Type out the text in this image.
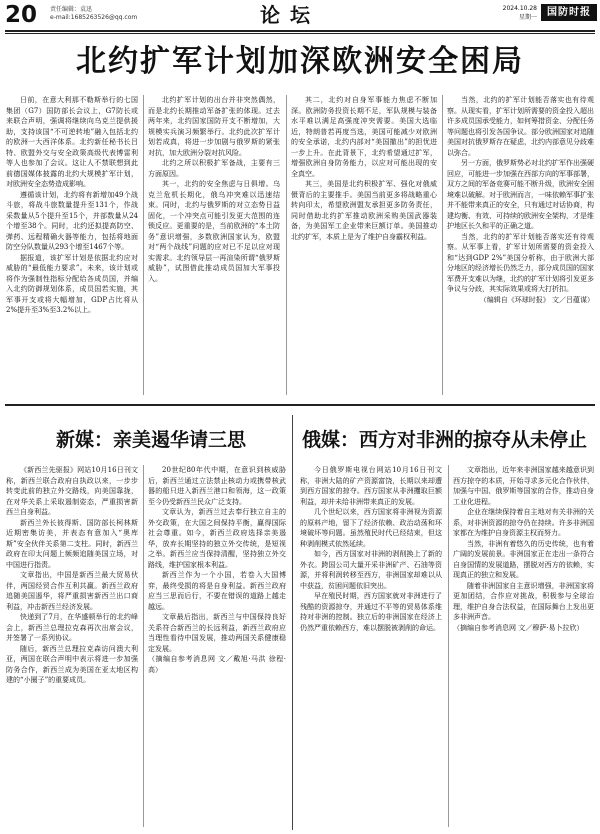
20 责任编辑：袁迅
e-mail:1685263526@qq.com	论坛	2024.10.28
星期一	国防时报
北约扩军计划加深欧洲安全困局

日前，在意大利那不勒斯举行的七国集团（G7）国防部长会议上，G7防长或来联合声明，强调将继续向乌克兰提供援助，支持该国“不可逆转地”融入包括北约的欧洲一大西洋体系。北约新任秘书长吕特、欧盟外交与安全政策高级代表博雷利等人也参加了会议。这让人不禁联想到此前德国媒体披露的北约大规模扩军计划，对欧洲安全态势造成影响。

遵循该计划，北约将有新增加49个战斗旅，将战斗旅数量提升至131个，作战采数量从5个提升至15个，并部数量从24个增至38个。同时，北约还拟提高防空、弹药、远程精确火器等能力，包括将地面防空分队数量从293个增至1467个等。

据报道，该扩军计划是依据北约应对威胁的“最低能力要求”。未来，该计划或将作为强制性指标分配给各成员国，并编入北约防御规划体系，成员国若实施，其军事开支或将大幅增加，GDP占比将从2%提升至3%至3.2%以上。

北约扩军计划的出台并非突然偶然，而是北约长期推动军备扩张的体现。过去两年来，北约国家国防开支不断增加，大规模实兵演习频繁举行。北约此次扩军计划若成真，将进一步加剧与俄罗斯的紧张对抗，加大欧洲分裂对抗风险。

北约之所以积极扩军备战，主要有三方面原因。

其一，北约的安全焦虑与日俱增。乌克兰危机长期化，俄乌冲突难以迅速结束。同时，北约与俄罗斯的对立态势日益固化，一个冲突点可能引发更大范围的连锁反应。更重要的是，当前欧洲的“本土防务”意识增强，多数欧洲国家认为，欧盟对“两个战线”问题的应对已不足以应对现实需求。北约领导层一再渲染所谓“俄罗斯威胁”，试图借此推动成员国加大军事投入。

其二，北约对自身军事能力焦虑不断加深。欧洲防务投资长期不足，军队规模与装备水平难以满足高强度冲突需要。美国大选临近，特朗普若再度当选，美国可能减少对欧洲的安全承诺，北约内部对“美国撤出”的担忧进一步上升。在此背景下，北约希望通过扩军，增强欧洲自身防务能力，以应对可能出现的安全真空。

其三，美国是北约积极扩军、强化对俄威慑背后的主要推手。美国当前更多将战略重心转向印太，希望欧洲盟友承担更多防务责任，同时借助北约扩军推动欧洲采购美国武器装备，为美国军工企业带来巨额订单。美国推动北约扩军，本质上是为了维护自身霸权利益。

当然，北约的扩军计划能否落实也有待观察。从现实看，扩军计划所需要的资金投入超出许多成员国承受能力，如何筹措资金、分配任务等问题也将引发各国争议。部分欧洲国家对追随美国对抗俄罗斯存在疑虑，北约内部意见分歧难以弥合。

另一方面，俄罗斯势必对北约扩军作出强硬回应，可能进一步加强在西部方向的军事部署，双方之间的军备竞赛可能不断升级，欧洲安全困境难以破解。对于欧洲而言，一味依赖军事扩张并不能带来真正的安全，只有通过对话协商，构建均衡、有效、可持续的欧洲安全架构，才是维护地区长久和平的正确之道。

当然，北约的扩军计划能否落实还有待观察。从军事上看，扩军计划所需要的资金投入和“达到GDP 2%”美国分析称，由于欧洲大部分地区的经济增长仍然乏力，部分成员国的国家军费开支难以为继，北约的扩军计划将引发更多争议与分歧，其实际效果或将大打折扣。

（编辑自《环球时报》 文／吕蕴谋）

新媒：亲美遏华请三思

《新西兰先驱报》网站10月16日刊文称，新西兰联合政府自执政以来，一步步转变此前的独立外交路线，向美国靠拢，在对华关系上采取遏制姿态，严重损害新西兰自身利益。

新西兰外长彼得斯、国防部长柯林斯近期密集访美，并表态有意加入“奥库斯”安全伙伴关系第二支柱。同时，新西兰政府在印太问题上频频追随美国立场，对中国进行指责。

文章指出，中国是新西兰最大贸易伙伴，两国经贸合作互利共赢。新西兰政府追随美国遏华，将严重损害新西兰出口商利益，冲击新西兰经济发展。

快递到了7月，在华盛顿举行的北约峰会上，新西兰总理拉克森再次出席会议，并签署了一系列协议。

随后，新西兰总理拉克森访问澳大利亚，两国在联合声明中表示将进一步加强防务合作，新西兰成为美国在亚太地区构建的“小圈子”的重要成员。

20世纪80年代中期，在意识到核威胁后，新西兰通过立法禁止核动力或携带核武器的船只进入新西兰港口和领海，这一政策至今仍受新西兰民众广泛支持。

文章认为，新西兰过去奉行独立自主的外交政策，在大国之间保持平衡，赢得国际社会尊重。如今，新西兰政府选择亲美遏华，放弃长期坚持的独立外交传统，是短视之举。新西兰应当保持清醒，坚持独立外交路线，维护国家根本利益。

新西兰作为一个小国，若卷入大国博弈，最终受损的将是自身利益。新西兰政府应当三思而后行，不要在错误的道路上越走越远。

文章最后指出，新西兰与中国保持良好关系符合新西兰的长远利益，新西兰政府应当理性看待中国发展，推动两国关系健康稳定发展。

（摘编自参考消息网 文／戴旭·马洪 徐程·高）

俄媒：西方对非洲的掠夺从未停止

今日俄罗斯电视台网站10月16日刊文称，非洲大陆的矿产资源富饶，长期以来却遭到西方国家的掠夺。西方国家从非洲攫取巨额利益，却并未给非洲带来真正的发展。

几个世纪以来，西方国家将非洲视为资源的原料产地，留下了经济依赖、政治动荡和环境破坏等问题。虽然殖民时代已经结束，但这种剥削模式依然延续。

如今，西方国家对非洲的剥削换上了新的外衣。跨国公司大量开采非洲矿产、石油等资源，并将利润转移至西方，非洲国家却难以从中获益，贫困问题依旧突出。

早在殖民时期，西方国家就对非洲进行了残酷的资源掠夺，并通过不平等的贸易体系维持对非洲的控制。独立后的非洲国家在经济上仍然严重依赖西方，难以摆脱被剥削的命运。

文章指出，近年来非洲国家越来越意识到西方掠夺的本质，开始寻求多元化合作伙伴，加强与中国、俄罗斯等国家的合作，推动自身工业化进程。

企业在继续保持着自主地对有关非洲的关系，对非洲资源的掠夺仍在持续。许多非洲国家都在为维护自身资源主权而努力。

当然，非洲有着悠久的历史传统，也有着广阔的发展前景。非洲国家正在走出一条符合自身国情的发展道路，摆脱对西方的依赖，实现真正的独立和发展。

随着非洲国家自主意识增强，非洲国家将更加团结，合作应对挑战，积极参与全球治理，维护自身合法权益，在国际舞台上发出更多非洲声音。

（摘编自参考消息网 文／穆萨·易卜拉欣）
